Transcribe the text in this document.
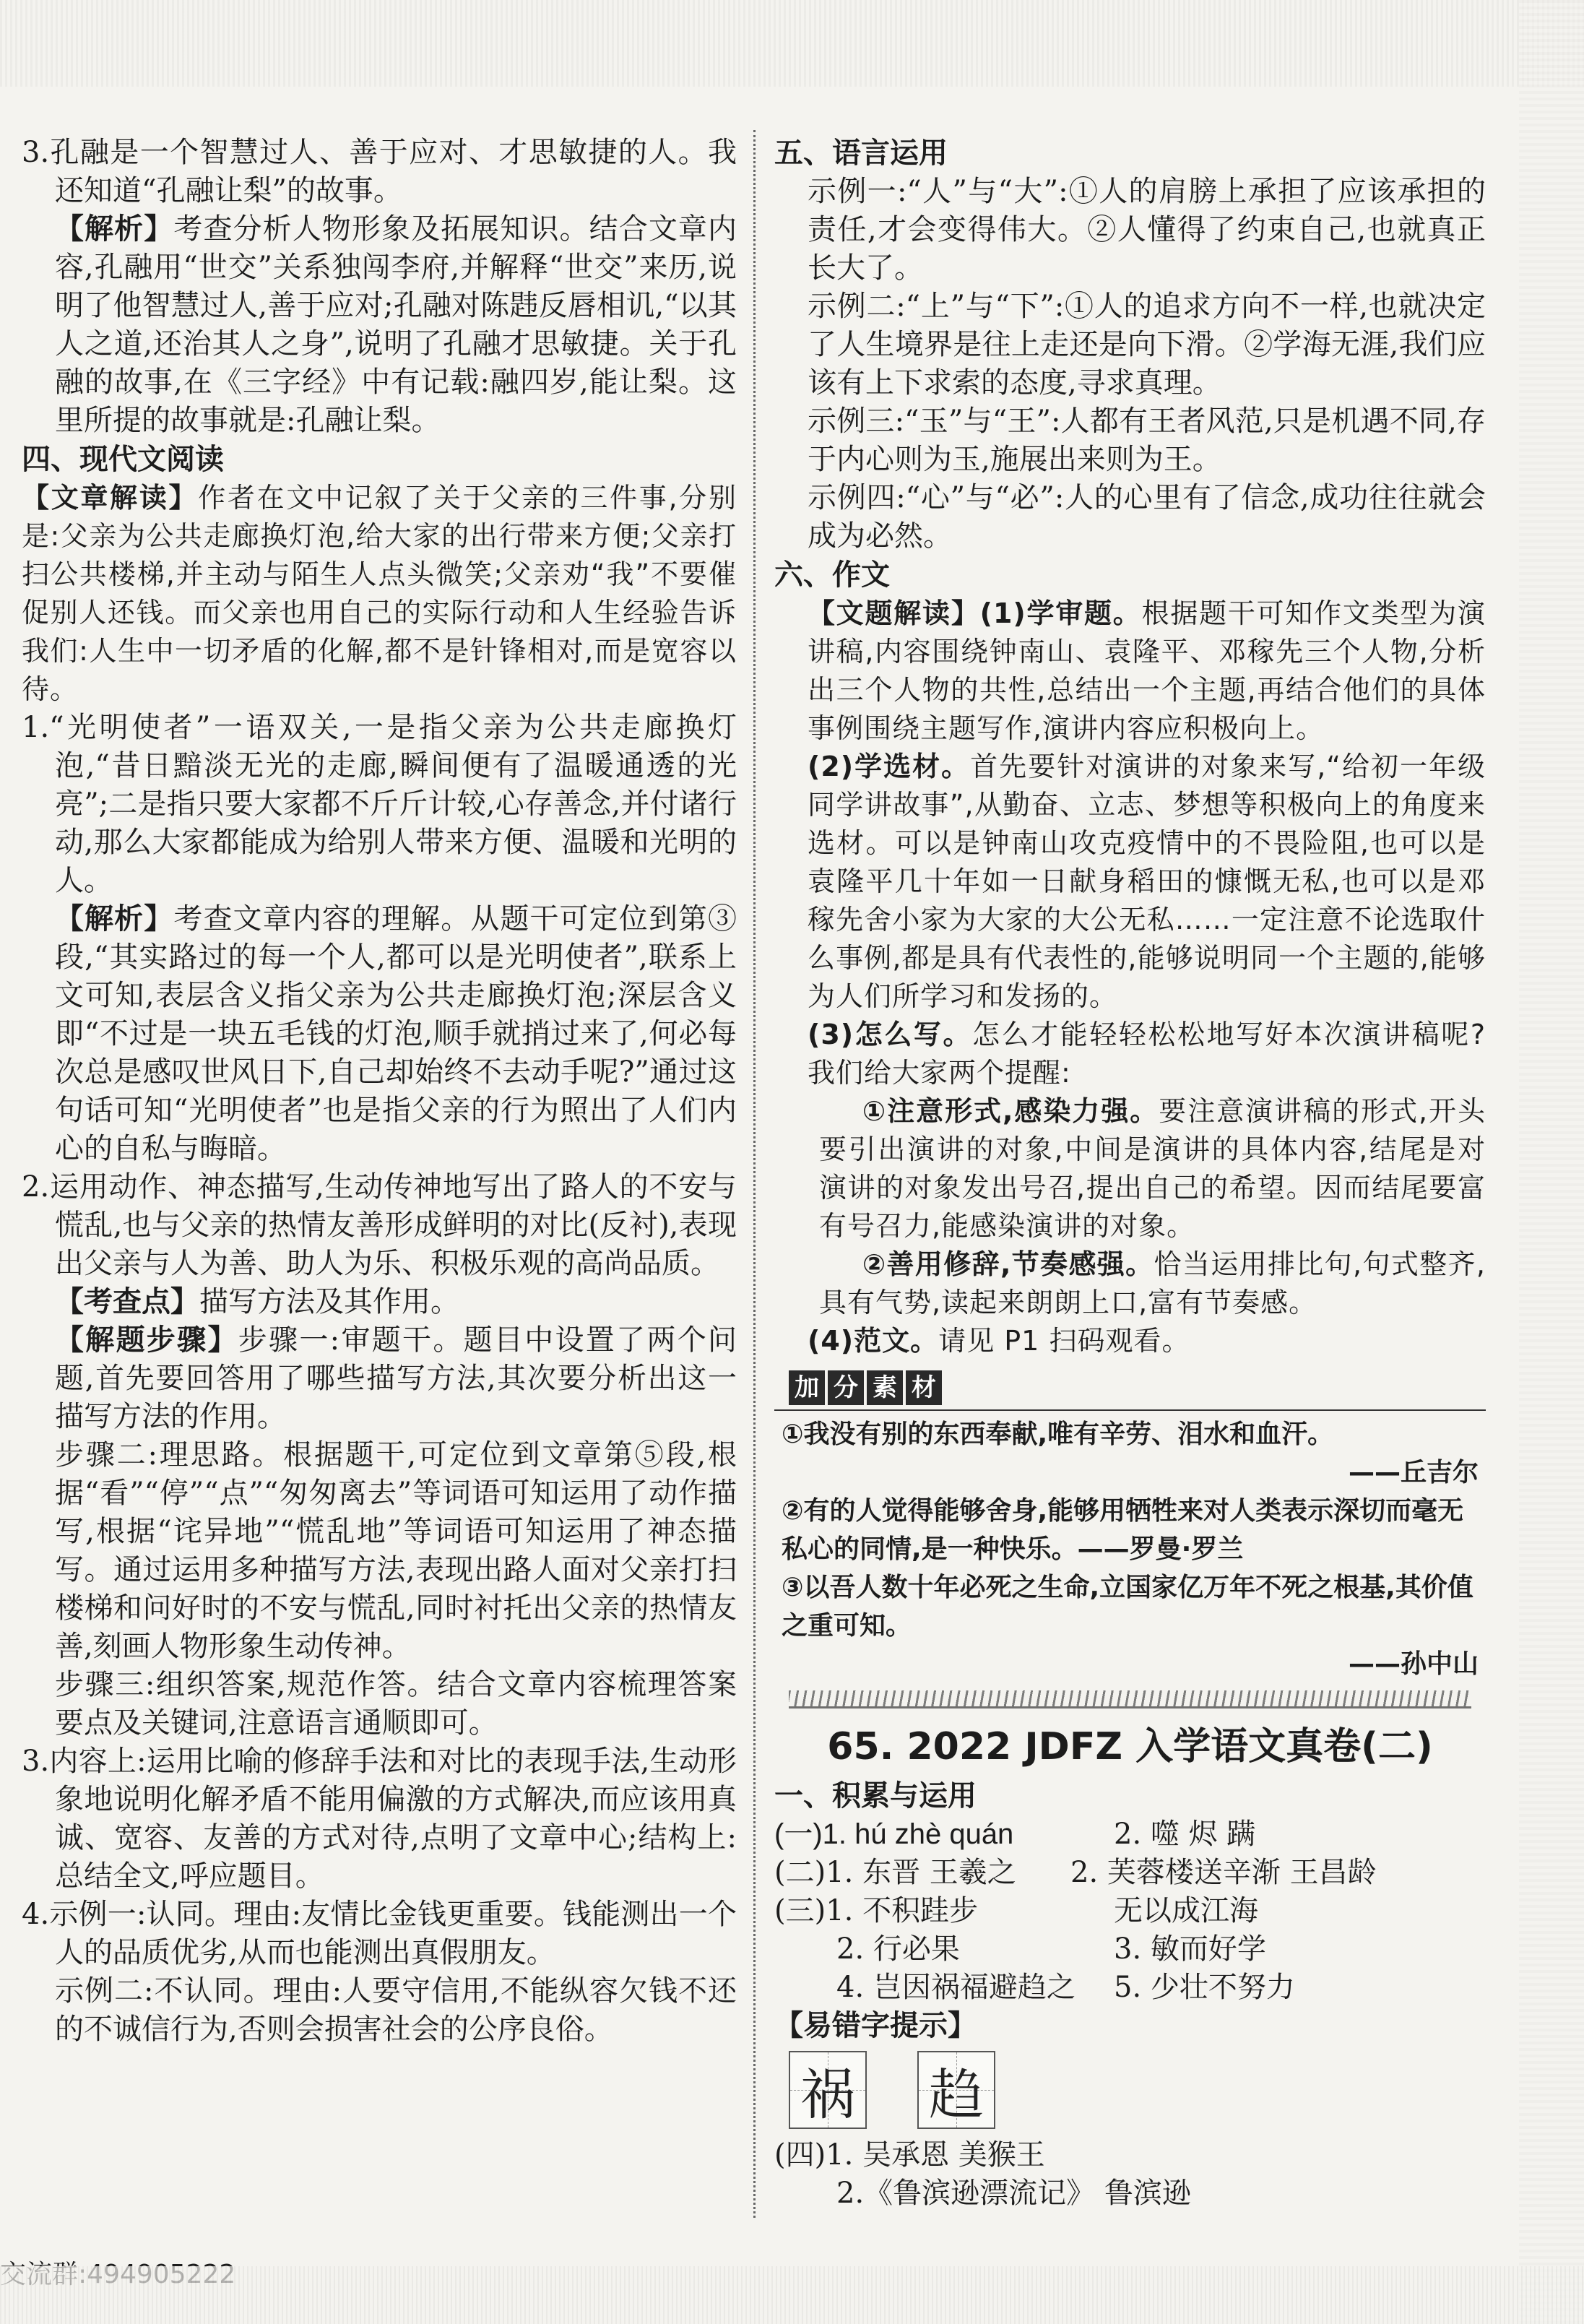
3.孔融是一个智慧过人、善于应对、才思敏捷的人。我还知道“孔融让梨”的故事。

【解析】考查分析人物形象及拓展知识。结合文章内容,孔融用“世交”关系独闯李府,并解释“世交”来历,说明了他智慧过人,善于应对;孔融对陈韪反唇相讥,“以其人之道,还治其人之身”,说明了孔融才思敏捷。关于孔融的故事,在《三字经》中有记载:融四岁,能让梨。这里所提的故事就是:孔融让梨。

四、现代文阅读

【文章解读】作者在文中记叙了关于父亲的三件事,分别是:父亲为公共走廊换灯泡,给大家的出行带来方便;父亲打扫公共楼梯,并主动与陌生人点头微笑;父亲劝“我”不要催促别人还钱。而父亲也用自己的实际行动和人生经验告诉我们:人生中一切矛盾的化解,都不是针锋相对,而是宽容以待。

1.“光明使者”一语双关,一是指父亲为公共走廊换灯泡,“昔日黯淡无光的走廊,瞬间便有了温暖通透的光亮”;二是指只要大家都不斤斤计较,心存善念,并付诸行动,那么大家都能成为给别人带来方便、温暖和光明的人。

【解析】考查文章内容的理解。从题干可定位到第③段,“其实路过的每一个人,都可以是光明使者”,联系上文可知,表层含义指父亲为公共走廊换灯泡;深层含义即“不过是一块五毛钱的灯泡,顺手就捎过来了,何必每次总是感叹世风日下,自己却始终不去动手呢?”通过这句话可知“光明使者”也是指父亲的行为照出了人们内心的自私与晦暗。

2.运用动作、神态描写,生动传神地写出了路人的不安与慌乱,也与父亲的热情友善形成鲜明的对比(反衬),表现出父亲与人为善、助人为乐、积极乐观的高尚品质。

【考查点】描写方法及其作用。

【解题步骤】步骤一:审题干。题目中设置了两个问题,首先要回答用了哪些描写方法,其次要分析出这一描写方法的作用。

步骤二:理思路。根据题干,可定位到文章第⑤段,根据“看”“停”“点”“匆匆离去”等词语可知运用了动作描写,根据“诧异地”“慌乱地”等词语可知运用了神态描写。通过运用多种描写方法,表现出路人面对父亲打扫楼梯和问好时的不安与慌乱,同时衬托出父亲的热情友善,刻画人物形象生动传神。

步骤三:组织答案,规范作答。结合文章内容梳理答案要点及关键词,注意语言通顺即可。

3.内容上:运用比喻的修辞手法和对比的表现手法,生动形象地说明化解矛盾不能用偏激的方式解决,而应该用真诚、宽容、友善的方式对待,点明了文章中心;结构上:总结全文,呼应题目。

4.示例一:认同。理由:友情比金钱更重要。钱能测出一个人的品质优劣,从而也能测出真假朋友。

示例二:不认同。理由:人要守信用,不能纵容欠钱不还的不诚信行为,否则会损害社会的公序良俗。

五、语言运用

示例一:“人”与“大”:①人的肩膀上承担了应该承担的责任,才会变得伟大。②人懂得了约束自己,也就真正长大了。

示例二:“上”与“下”:①人的追求方向不一样,也就决定了人生境界是往上走还是向下滑。②学海无涯,我们应该有上下求索的态度,寻求真理。

示例三:“玉”与“王”:人都有王者风范,只是机遇不同,存于内心则为玉,施展出来则为王。

示例四:“心”与“必”:人的心里有了信念,成功往往就会成为必然。

六、作文

【文题解读】(1)学审题。根据题干可知作文类型为演讲稿,内容围绕钟南山、袁隆平、邓稼先三个人物,分析出三个人物的共性,总结出一个主题,再结合他们的具体事例围绕主题写作,演讲内容应积极向上。

(2)学选材。首先要针对演讲的对象来写,“给初一年级同学讲故事”,从勤奋、立志、梦想等积极向上的角度来选材。可以是钟南山攻克疫情中的不畏险阻,也可以是袁隆平几十年如一日献身稻田的慷慨无私,也可以是邓稼先舍小家为大家的大公无私……一定注意不论选取什么事例,都是具有代表性的,能够说明同一个主题的,能够为人们所学习和发扬的。

(3)怎么写。怎么才能轻轻松松地写好本次演讲稿呢?我们给大家两个提醒:

①注意形式,感染力强。要注意演讲稿的形式,开头要引出演讲的对象,中间是演讲的具体内容,结尾是对演讲的对象发出号召,提出自己的希望。因而结尾要富有号召力,能感染演讲的对象。

②善用修辞,节奏感强。恰当运用排比句,句式整齐,具有气势,读起来朗朗上口,富有节奏感。

(4)范文。请见 P1 扫码观看。

加 分 素 材

①我没有别的东西奉献,唯有辛劳、泪水和血汗。

——丘吉尔

②有的人觉得能够舍身,能够用牺牲来对人类表示深切而毫无私心的同情,是一种快乐。——罗曼·罗兰

③以吾人数十年必死之生命,立国家亿万年不死之根基,其价值之重可知。

——孙中山

65. 2022 JDFZ 入学语文真卷(二)

一、积累与运用

(一)1. hú zhè quán	2. 噬 烬 蹒
(二)1. 东晋 王羲之	2. 芙蓉楼送辛渐 王昌龄
(三)1. 不积跬步	无以成江海
2. 行必果	3. 敏而好学
4. 岂因祸福避趋之	5. 少壮不努力

【易错字提示】

祸 趋
(四)1. 吴承恩 美猴王
2.《鲁滨逊漂流记》 鲁滨逊
